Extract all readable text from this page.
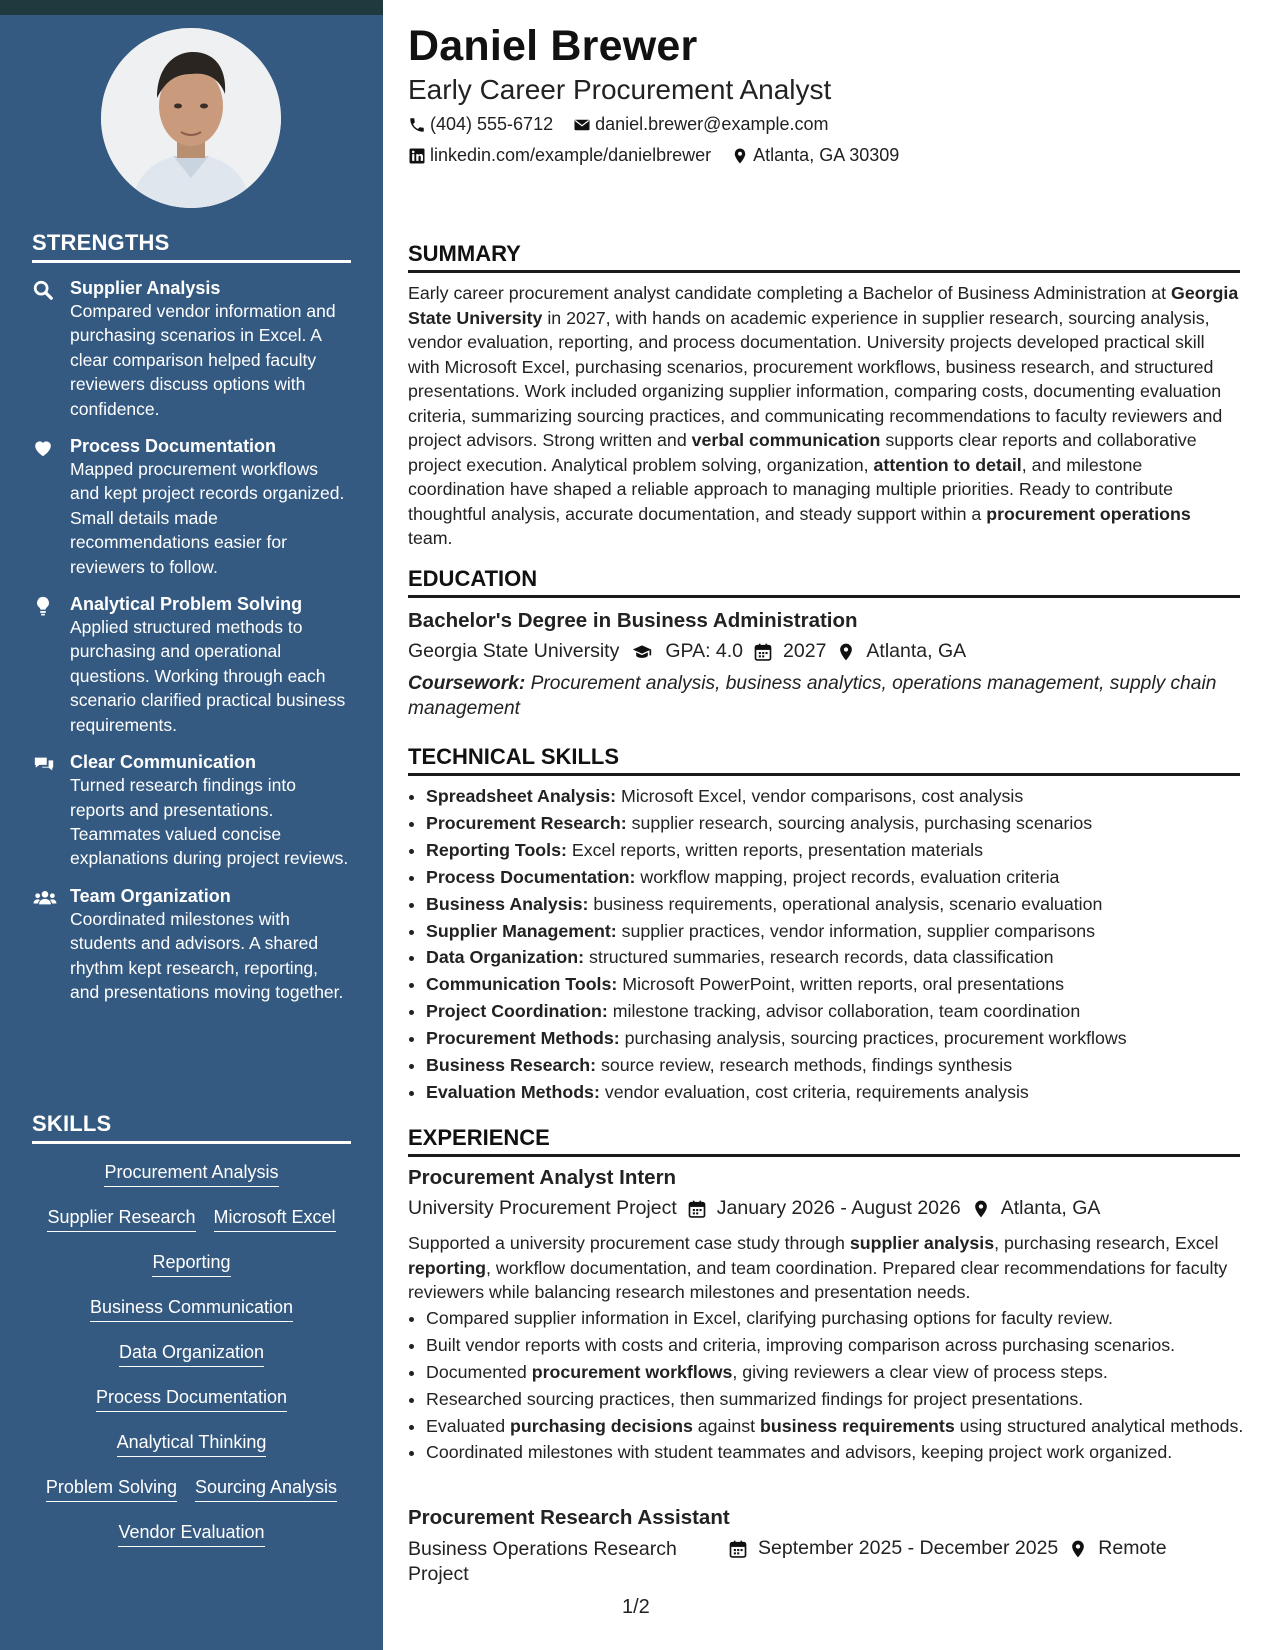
STRENGTHS
Supplier Analysis
Compared vendor information and purchasing scenarios in Excel. A clear comparison helped faculty reviewers discuss options with confidence.
Process Documentation
Mapped procurement workflows and kept project records organized. Small details made recommendations easier for reviewers to follow.
Analytical Problem Solving
Applied structured methods to purchasing and operational questions. Working through each scenario clarified practical business requirements.
Clear Communication
Turned research findings into reports and presentations. Teammates valued concise explanations during project reviews.
Team Organization
Coordinated milestones with students and advisors. A shared rhythm kept research, reporting, and presentations moving together.
SKILLS
Procurement Analysis
Supplier Research Microsoft Excel
Reporting
Business Communication
Data Organization
Process Documentation
Analytical Thinking
Problem Solving Sourcing Analysis
Vendor Evaluation
Daniel Brewer
Early Career Procurement Analyst
(404) 555-6712 daniel.brewer@example.com
linkedin.com/example/danielbrewer Atlanta, GA 30309
SUMMARY
Early career procurement analyst candidate completing a Bachelor of Business Administration at Georgia State University in 2027, with hands on academic experience in supplier research, sourcing analysis, vendor evaluation, reporting, and process documentation. University projects developed practical skill with Microsoft Excel, purchasing scenarios, procurement workflows, business research, and structured presentations. Work included organizing supplier information, comparing costs, documenting evaluation criteria, summarizing sourcing practices, and communicating recommendations to faculty reviewers and project advisors. Strong written and verbal communication supports clear reports and collaborative project execution. Analytical problem solving, organization, attention to detail, and milestone coordination have shaped a reliable approach to managing multiple priorities. Ready to contribute thoughtful analysis, accurate documentation, and steady support within a procurement operations team.
EDUCATION
Bachelor's Degree in Business Administration
Georgia State University GPA: 4.0 2027 Atlanta, GA
Coursework: Procurement analysis, business analytics, operations management, supply chain management
TECHNICAL SKILLS
• Spreadsheet Analysis: Microsoft Excel, vendor comparisons, cost analysis
• Procurement Research: supplier research, sourcing analysis, purchasing scenarios
• Reporting Tools: Excel reports, written reports, presentation materials
• Process Documentation: workflow mapping, project records, evaluation criteria
• Business Analysis: business requirements, operational analysis, scenario evaluation
• Supplier Management: supplier practices, vendor information, supplier comparisons
• Data Organization: structured summaries, research records, data classification
• Communication Tools: Microsoft PowerPoint, written reports, oral presentations
• Project Coordination: milestone tracking, advisor collaboration, team coordination
• Procurement Methods: purchasing analysis, sourcing practices, procurement workflows
• Business Research: source review, research methods, findings synthesis
• Evaluation Methods: vendor evaluation, cost criteria, requirements analysis
EXPERIENCE
Procurement Analyst Intern
University Procurement Project January 2026 - August 2026 Atlanta, GA
Supported a university procurement case study through supplier analysis, purchasing research, Excel reporting, workflow documentation, and team coordination. Prepared clear recommendations for faculty reviewers while balancing research milestones and presentation needs.
• Compared supplier information in Excel, clarifying purchasing options for faculty review.
• Built vendor reports with costs and criteria, improving comparison across purchasing scenarios.
• Documented procurement workflows, giving reviewers a clear view of process steps.
• Researched sourcing practices, then summarized findings for project presentations.
• Evaluated purchasing decisions against business requirements using structured analytical methods.
• Coordinated milestones with student teammates and advisors, keeping project work organized.
Procurement Research Assistant
Business Operations Research Project
September 2025 - December 2025 Remote
1/2
